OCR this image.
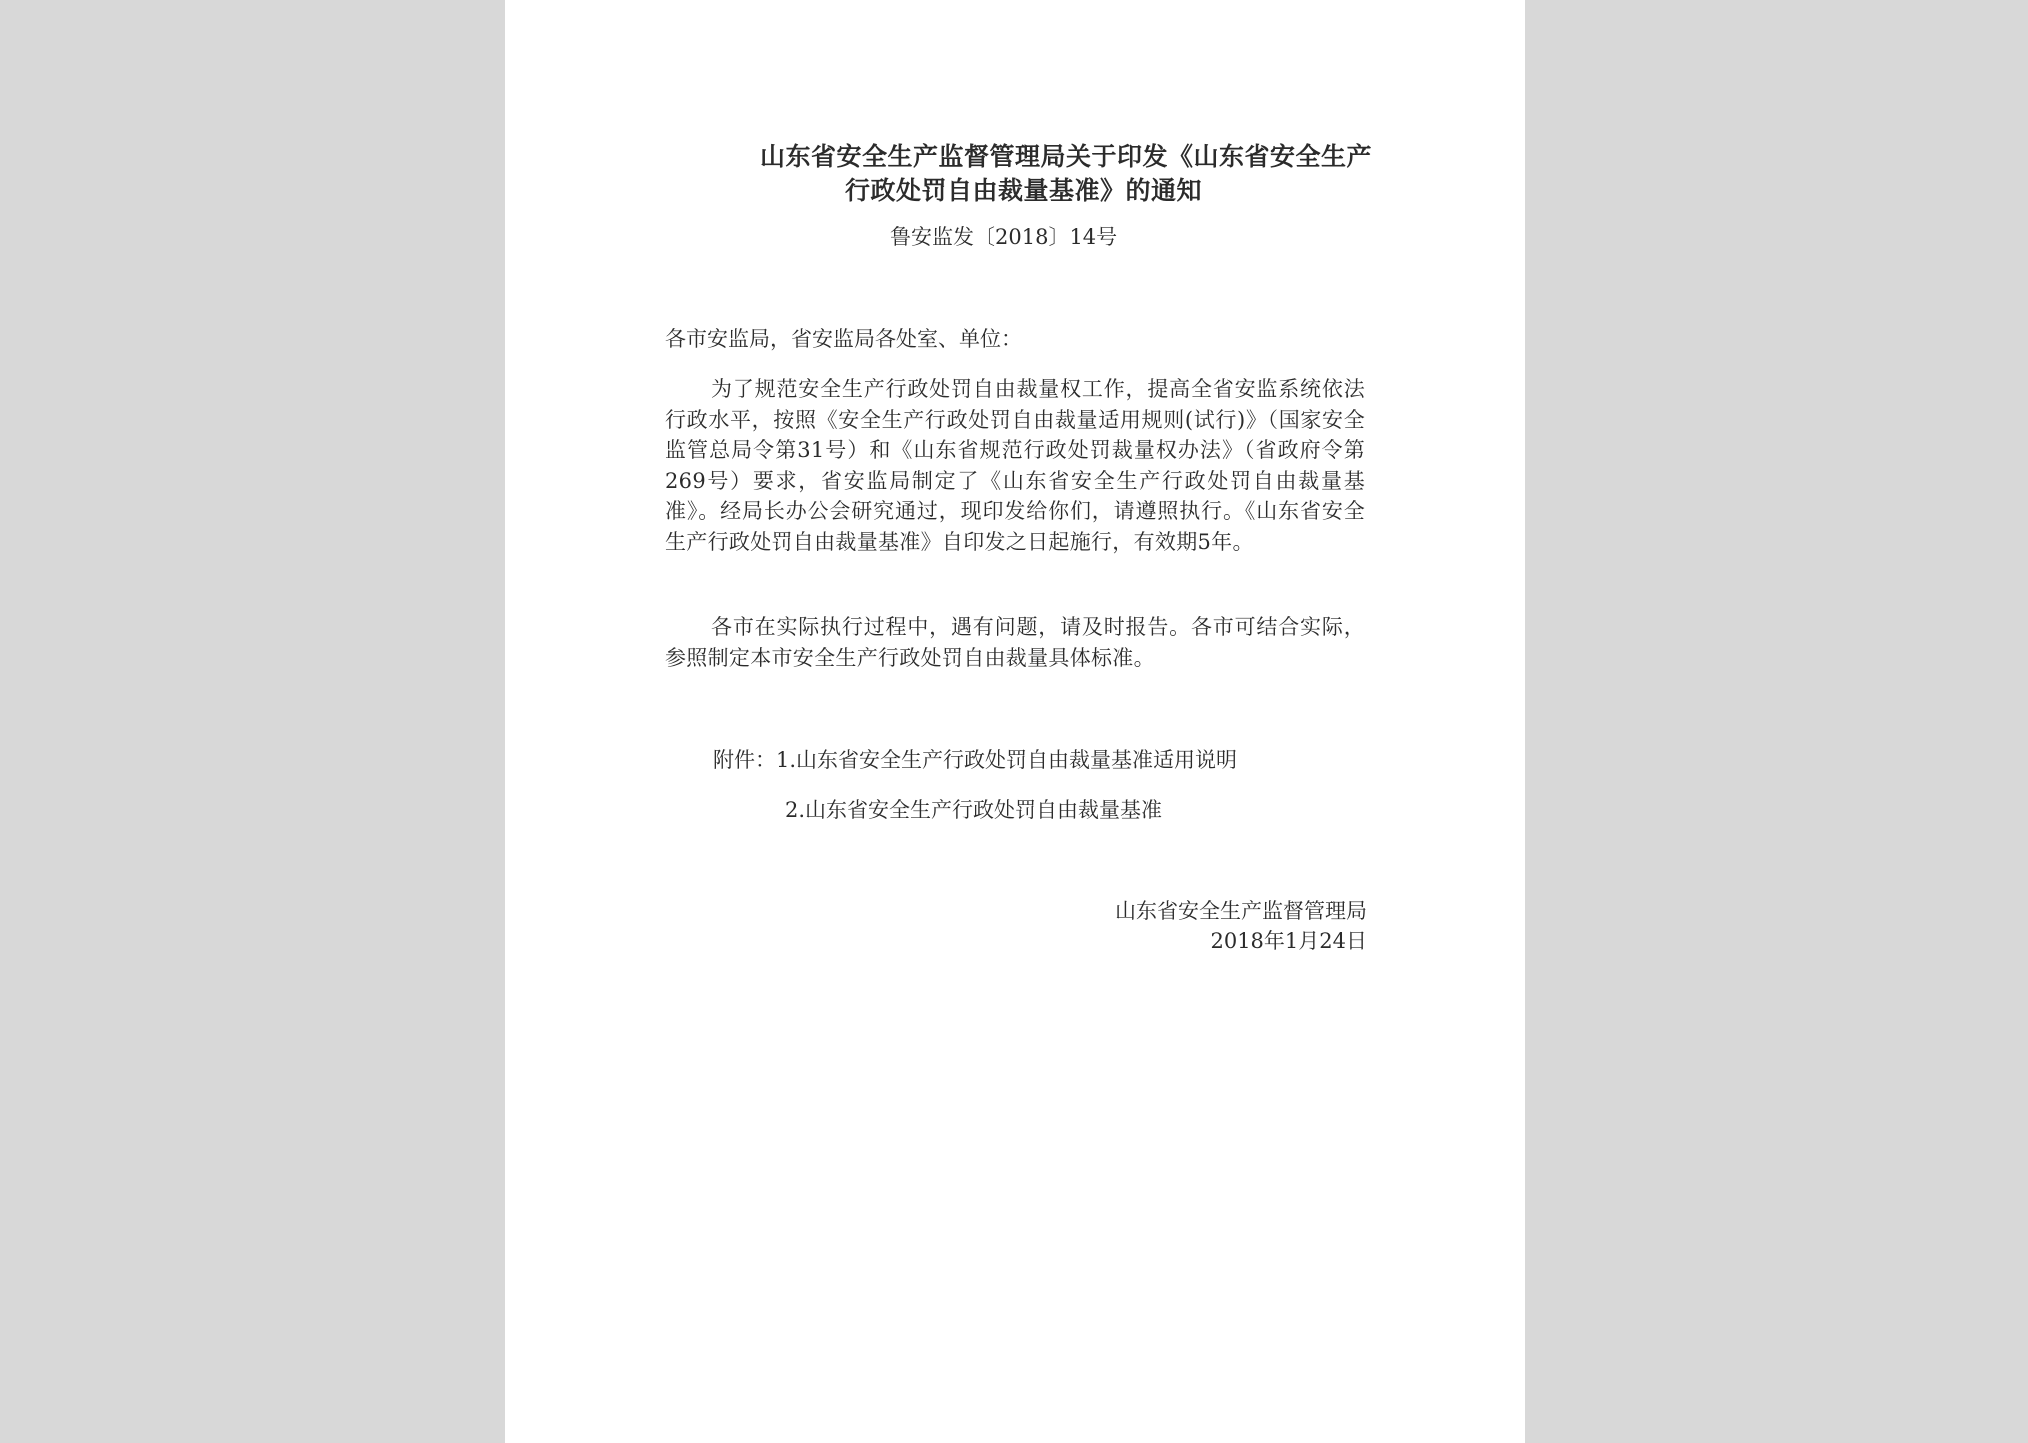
山东省安全生产监督管理局关于印发《山东省安全生产
行政处罚自由裁量基准》的通知
鲁安监发〔2018〕14号
各市安监局，省安监局各处室、单位：

为了规范安全生产行政处罚自由裁量权工作，提高全省安监系统依法行政水平，按照《安全生产行政处罚自由裁量适用规则(试行)》（国家安全监管总局令第31号）和《山东省规范行政处罚裁量权办法》（省政府令第269号）要求，省安监局制定了《山东省安全生产行政处罚自由裁量基准》。经局长办公会研究通过，现印发给你们，请遵照执行。《山东省安全生产行政处罚自由裁量基准》自印发之日起施行，有效期5年。

各市在实际执行过程中，遇有问题，请及时报告。各市可结合实际，参照制定本市安全生产行政处罚自由裁量具体标准。

附件：1.山东省安全生产行政处罚自由裁量基准适用说明
2.山东省安全生产行政处罚自由裁量基准
山东省安全生产监督管理局
2018年1月24日
